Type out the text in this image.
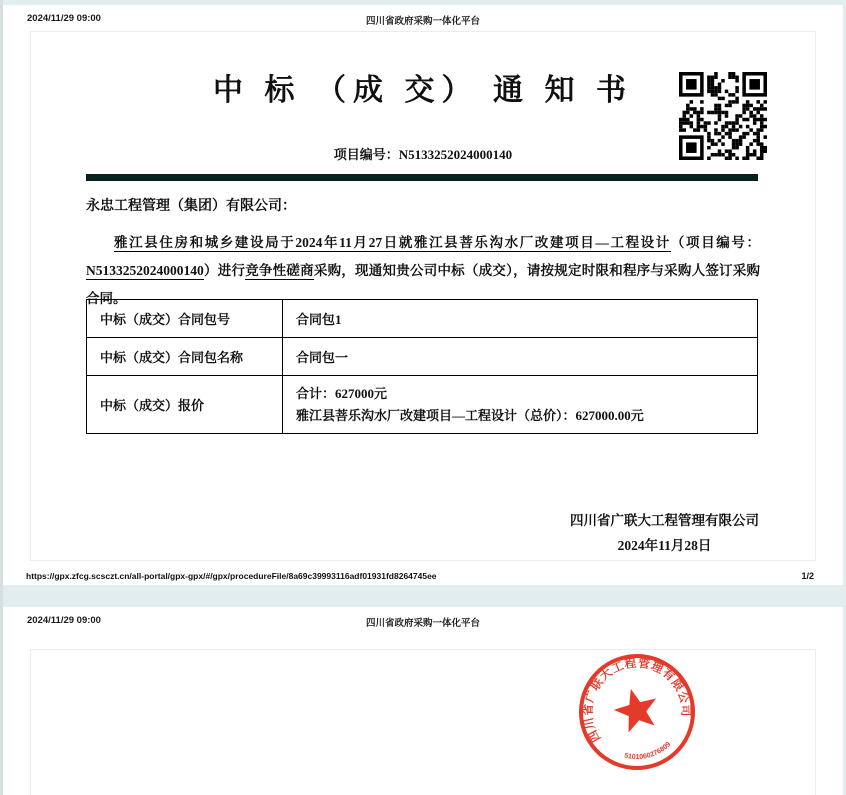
2024/11/29 09:00	四川省政府采购一体化平台
中 标 （成 交） 通 知 书
项目编号：N5133252024000140
永忠工程管理（集团）有限公司：

雅江县住房和城乡建设局于2024年11月27日就雅江县菩乐沟水厂改建项目—工程设计（项目编号：N5133252024000140）进行竞争性磋商采购，现通知贵公司中标（成交），请按规定时限和程序与采购人签订采购合同。

中标（成交）合同包号	合同包1
中标（成交）合同包名称	合同包一
中标（成交）报价	合计：627000元
雅江县菩乐沟水厂改建项目—工程设计（总价）：627000.00元
四川省广联大工程管理有限公司
2024年11月28日
https://gpx.zfcg.scsczt.cn/all-portal/gpx-gpx/#/gpx/procedureFile/8a69c39993116adf01931fd8264745ee	1/2
2024/11/29 09:00	四川省政府采购一体化平台
四川省广联大工程管理有限公司
5101060276809
